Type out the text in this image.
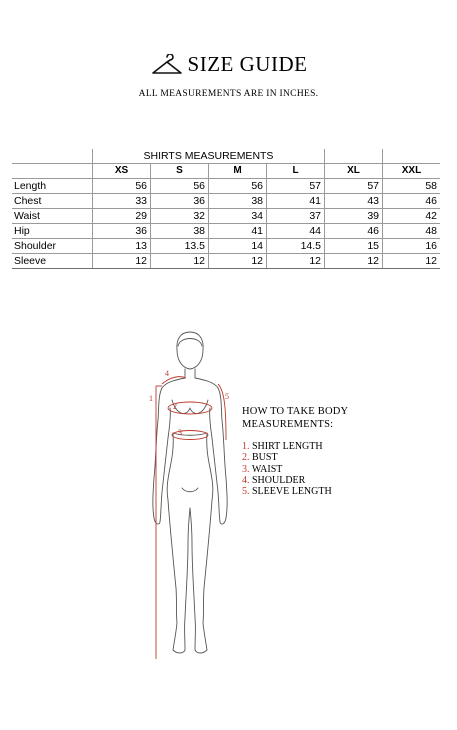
SIZE GUIDE
ALL MEASUREMENTS ARE IN INCHES.
	SHIRTS MEASUREMENTS					
	XS	S	M	L	XL	XXL
Length	56	56	56	57	57	58
Chest	33	36	38	41	43	46
Waist	29	32	34	37	39	42
Hip	36	38	41	44	46	48
Shoulder	13	13.5	14	14.5	15	16
Sleeve	12	12	12	12	12	12
1
2
3
4
5
HOW TO TAKE BODY MEASUREMENTS:
1. SHIRT LENGTH
2. BUST
3. WAIST
4. SHOULDER
5. SLEEVE LENGTH
